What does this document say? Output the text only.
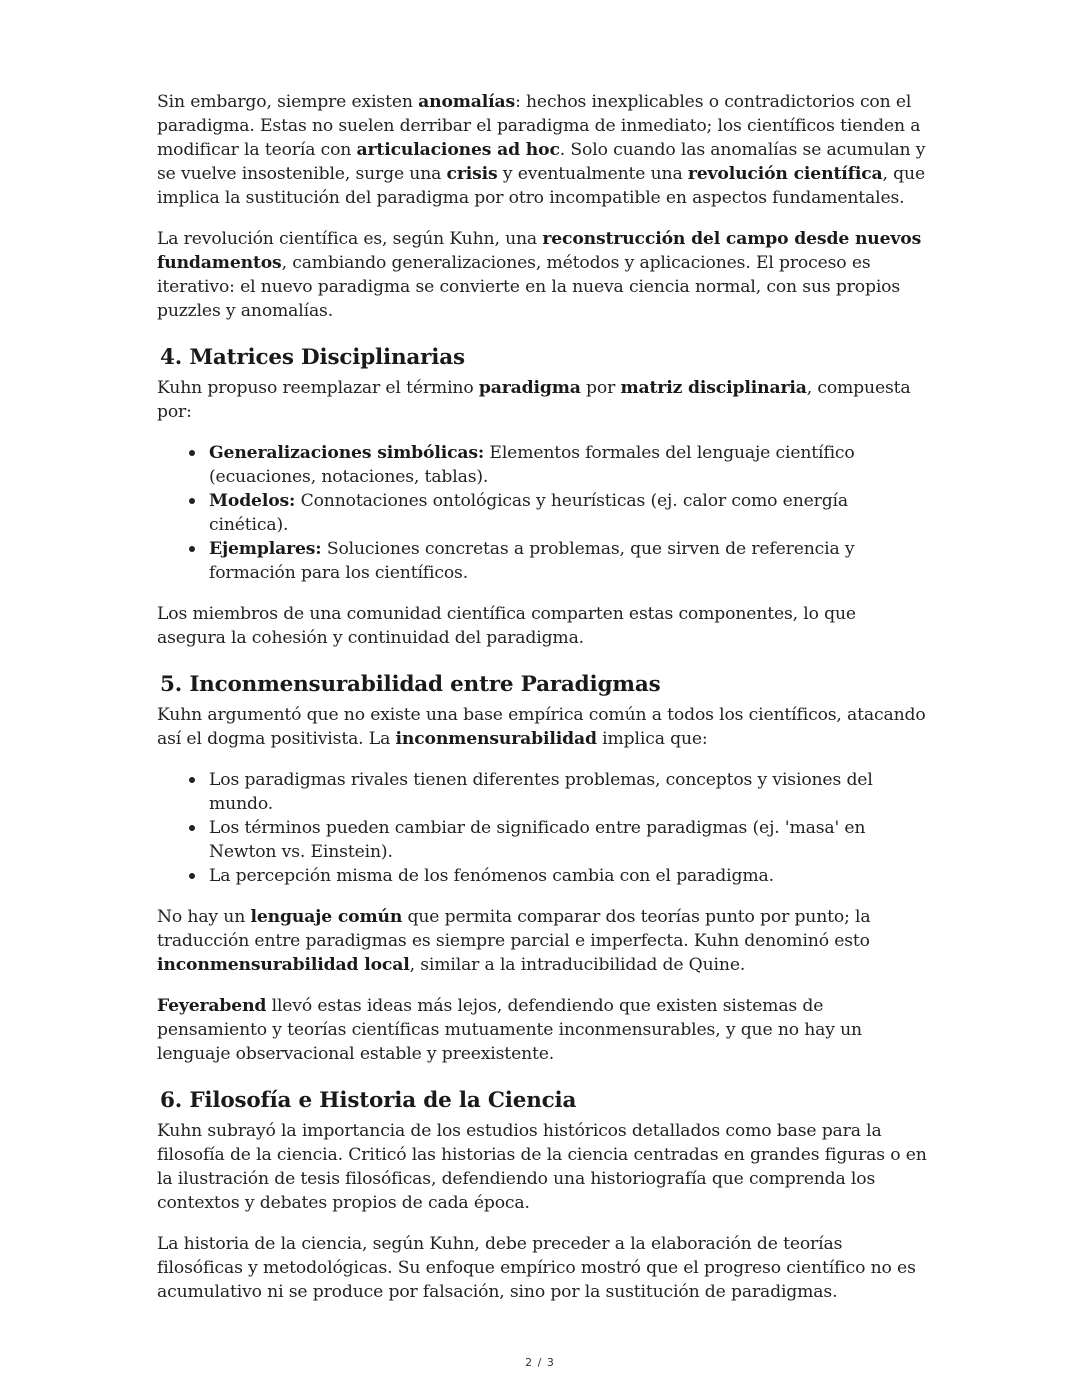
Sin embargo, siempre existen anomalías: hechos inexplicables o contradictorios con el paradigma. Estas no suelen derribar el paradigma de inmediato; los científicos tienden a modificar la teoría con articulaciones ad hoc. Solo cuando las anomalías se acumulan y se vuelve insostenible, surge una crisis y eventualmente una revolución científica, que implica la sustitución del paradigma por otro incompatible en aspectos fundamentales.

La revolución científica es, según Kuhn, una reconstrucción del campo desde nuevos fundamentos, cambiando generalizaciones, métodos y aplicaciones. El proceso es iterativo: el nuevo paradigma se convierte en la nueva ciencia normal, con sus propios puzzles y anomalías.

4. Matrices Disciplinarias

Kuhn propuso reemplazar el término paradigma por matriz disciplinaria, compuesta por:

Generalizaciones simbólicas: Elementos formales del lenguaje científico (ecuaciones, notaciones, tablas).
Modelos: Connotaciones ontológicas y heurísticas (ej. calor como energía cinética).
Ejemplares: Soluciones concretas a problemas, que sirven de referencia y formación para los científicos.

Los miembros de una comunidad científica comparten estas componentes, lo que asegura la cohesión y continuidad del paradigma.

5. Inconmensurabilidad entre Paradigmas

Kuhn argumentó que no existe una base empírica común a todos los científicos, atacando así el dogma positivista. La inconmensurabilidad implica que:

Los paradigmas rivales tienen diferentes problemas, conceptos y visiones del mundo.
Los términos pueden cambiar de significado entre paradigmas (ej. 'masa' en Newton vs. Einstein).
La percepción misma de los fenómenos cambia con el paradigma.

No hay un lenguaje común que permita comparar dos teorías punto por punto; la traducción entre paradigmas es siempre parcial e imperfecta. Kuhn denominó esto inconmensurabilidad local, similar a la intraducibilidad de Quine.

Feyerabend llevó estas ideas más lejos, defendiendo que existen sistemas de pensamiento y teorías científicas mutuamente inconmensurables, y que no hay un lenguaje observacional estable y preexistente.

6. Filosofía e Historia de la Ciencia

Kuhn subrayó la importancia de los estudios históricos detallados como base para la filosofía de la ciencia. Criticó las historias de la ciencia centradas en grandes figuras o en la ilustración de tesis filosóficas, defendiendo una historiografía que comprenda los contextos y debates propios de cada época.

La historia de la ciencia, según Kuhn, debe preceder a la elaboración de teorías filosóficas y metodológicas. Su enfoque empírico mostró que el progreso científico no es acumulativo ni se produce por falsación, sino por la sustitución de paradigmas.

2 / 3
